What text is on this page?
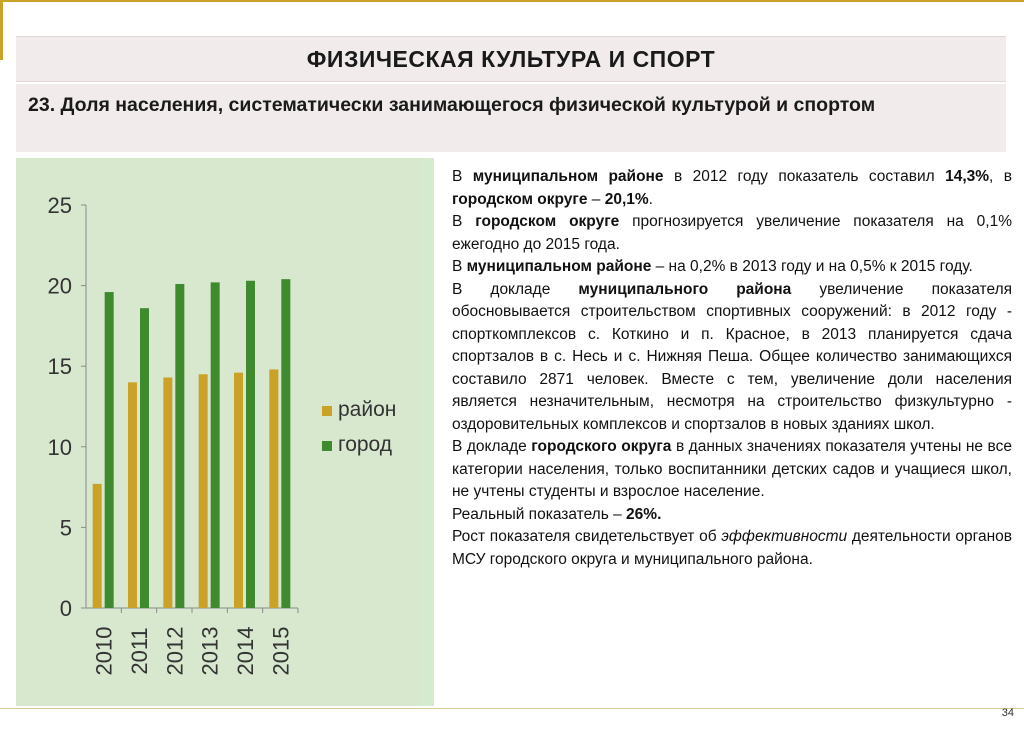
ФИЗИЧЕСКАЯ КУЛЬТУРА И СПОРТ
23. Доля населения, систематически занимающегося физической культурой и спортом
0
5
10
15
20
25
2010 2011 2012 2013 2014 2015
район
город

В муниципальном районе в 2012 году показатель составил 14,3%, в городском округе – 20,1%.

В городском округе прогнозируется увеличение показателя на 0,1% ежегодно до 2015 года.

В муниципальном районе – на 0,2% в 2013 году и на 0,5% к 2015 году.

В докладе муниципального района увеличение показателя обосновывается строительством спортивных сооружений: в 2012 году - спорткомплексов с. Коткино и п. Красное, в 2013 планируется сдача спортзалов в с. Несь и с. Нижняя Пеша. Общее количество занимающихся составило 2871 человек. Вместе с тем, увеличение доли населения является незначительным, несмотря на строительство физкультурно - оздоровительных комплексов и спортзалов в новых зданиях школ.

В докладе городского округа в данных значениях показателя учтены не все категории населения, только воспитанники детских садов и учащиеся школ, не учтены студенты и взрослое население.

Реальный показатель – 26%.

Рост показателя свидетельствует об эффективности деятельности органов МСУ городского округа и муниципального района.

34
